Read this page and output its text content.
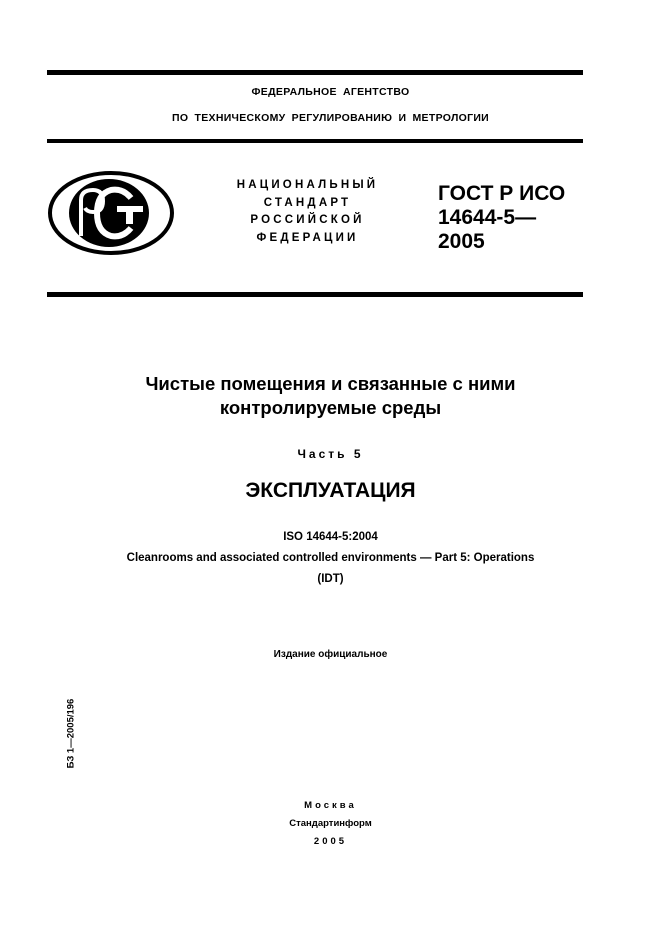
ФЕДЕРАЛЬНОЕ АГЕНТСТВО
ПО ТЕХНИЧЕСКОМУ РЕГУЛИРОВАНИЮ И МЕТРОЛОГИИ
НАЦИОНАЛЬНЫЙ
СТАНДАРТ
РОССИЙСКОЙ
ФЕДЕРАЦИИ
ГОСТ Р ИСО
14644-5—
2005
Чистые помещения и связанные с ними
контролируемые среды
Часть 5
ЭКСПЛУАТАЦИЯ
ISO 14644-5:2004
Cleanrooms and associated controlled environments — Part 5: Operations
(IDT)
Издание официальное
БЗ 1—2005/196
Москва
Стандартинформ
2005
